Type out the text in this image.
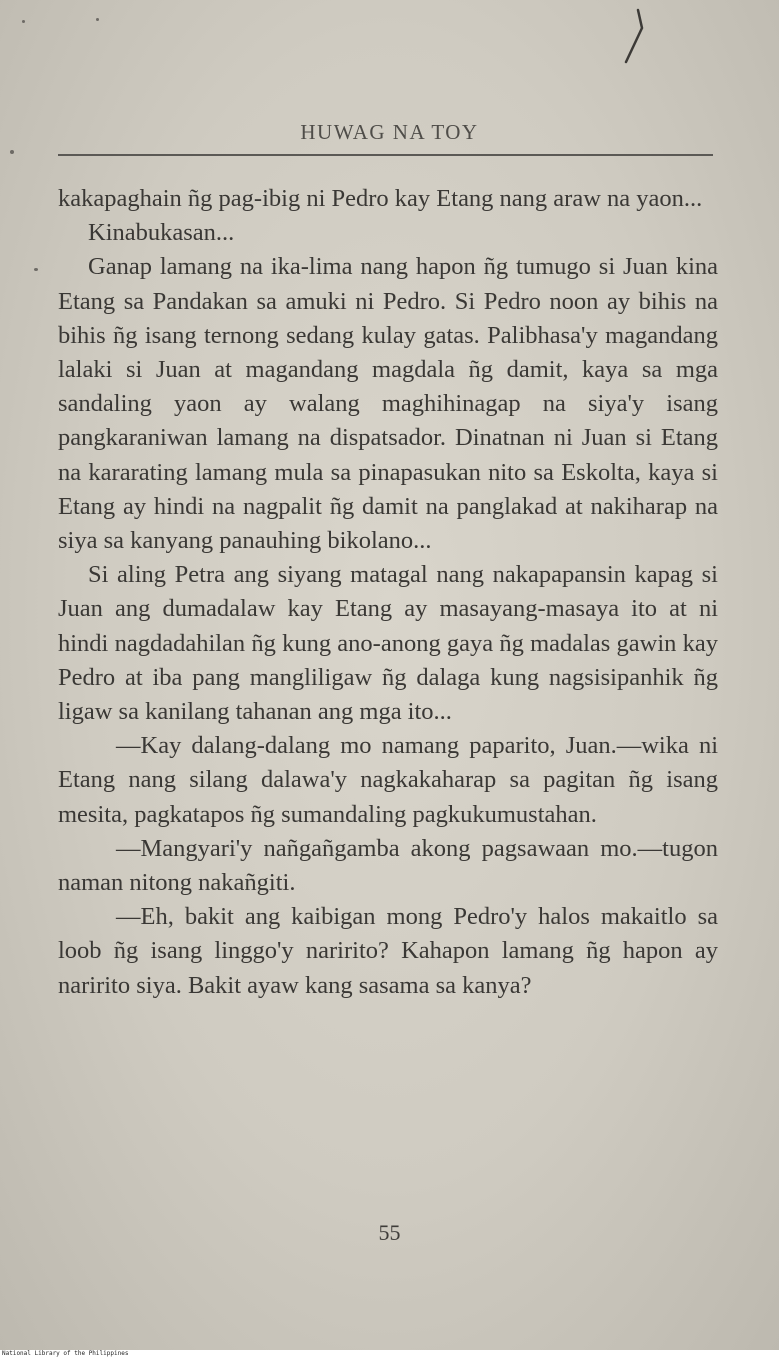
HUWAG NA TOY

kakapaghain ñg pag-ibig ni Pedro kay Etang nang araw na yaon...

Kinabukasan...

Ganap lamang na ika-lima nang hapon ñg tumugo si Juan kina Etang sa Pandakan sa amuki ni Pedro. Si Pedro noon ay bihis na bihis ñg isang ternong sedang kulay gatas. Palibhasa'y magandang lalaki si Juan at magandang magdala ñg damit, kaya sa mga sandaling yaon ay walang maghihinagap na siya'y isang pangkaraniwan lamang na dispatsador. Dinatnan ni Juan si Etang na kararating lamang mula sa pinapasukan nito sa Eskolta, kaya si Etang ay hindi na nagpalit ñg damit na panglakad at nakiharap na siya sa kanyang panauhing bikolano...

Si aling Petra ang siyang matagal nang nakapapansin kapag si Juan ang dumadalaw kay Etang ay masayang-masaya ito at ni hindi nagdadahilan ñg kung ano-anong gaya ñg madalas gawin kay Pedro at iba pang mangliligaw ñg dalaga kung nagsisipanhik ñg ligaw sa kanilang tahanan ang mga ito...

—Kay dalang-dalang mo namang paparito, Juan.—wika ni Etang nang silang dalawa'y nagkakaharap sa pagitan ñg isang mesita, pagkatapos ñg sumandaling pagkukumustahan.

—Mangyari'y nañgañgamba akong pagsawaan mo.—tugon naman nitong nakañgiti.

—Eh, bakit ang kaibigan mong Pedro'y halos makaitlo sa loob ñg isang linggo'y naririto? Kahapon lamang ñg hapon ay naririto siya. Bakit ayaw kang sasama sa kanya?

55
National Library of the Philippines
